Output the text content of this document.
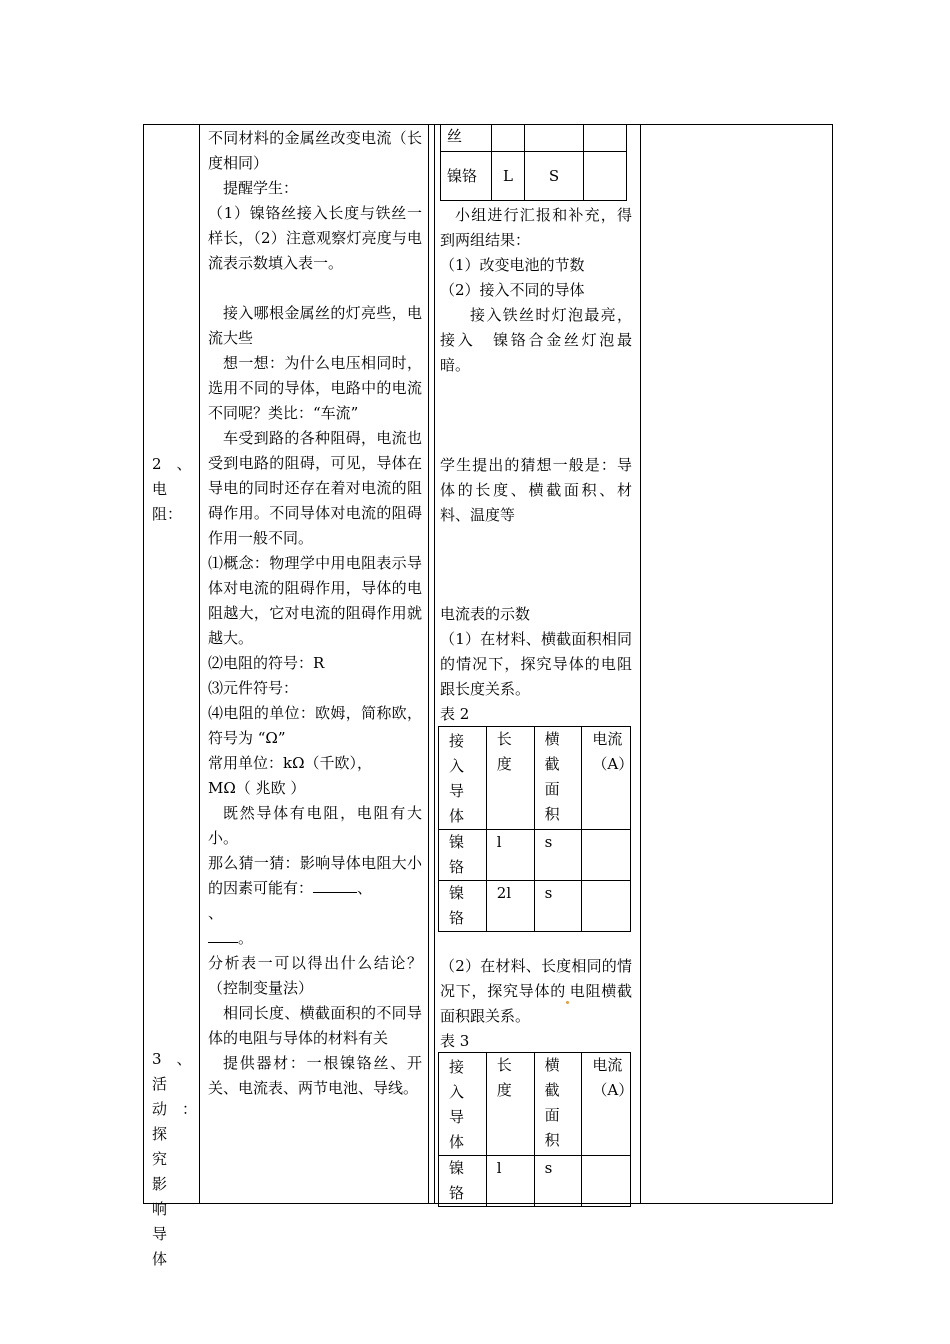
2　、

电

阻：

3　、

活

动　：

探　究

影　响

导　体

不同材料的金属丝改变电流（长度相同）

提醒学生：

（1）镍铬丝接入长度与铁丝一样长，（2）注意观察灯亮度与电流表示数填入表一。

接入哪根金属丝的灯亮些，电流大些

想一想：为什么电压相同时，选用不同的导体，电路中的电流不同呢？类比：“车流”

车受到路的各种阻碍，电流也受到电路的阻碍，可见，导体在导电的同时还存在着对电流的阻碍作用。不同导体对电流的阻碍作用一般不同。

⑴概念：物理学中用电阻表示导体对电流的阻碍作用，导体的电阻越大，它对电流的阻碍作用就越大。

⑵电阻的符号：R

⑶元件符号：

⑷电阻的单位：欧姆，简称欧，符号为 “Ω”

常用单位：kΩ（千欧），

MΩ（ 兆欧 ）

既然导体有电阻，电阻有大小。

那么猜一猜：影响导体电阻大小的因素可能有：	、

、

。

分析表一可以得出什么结论？（控制变量法）

相同长度、横截面积的不同导体的电阻与导体的材料有关

提供器材：一根镍铬丝、开关、电流表、两节电池、导线。

丝			
镍铬	L	S	

小组进行汇报和补充，得到两组结果：

（1）改变电池的节数

（2）接入不同的导体

接入铁丝时灯泡最亮，接入　镍铬合金丝灯泡最暗。

学生提出的猜想一般是：导体的长度、横截面积、材料、温度等

电流表的示数

（1）在材料、横截面积相同的情况下，探究导体的电阻跟长度关系。

表 2

接入导体	长度	横截面积	电流（A）

镍铬	l	s	

镍铬	2l	s	

（2）在材料、长度相同的情况下，探究导体的 电阻横截面积跟关系。

表 3

接入导体	长度	横截面积	电流（A）

镍铬	l	s	
